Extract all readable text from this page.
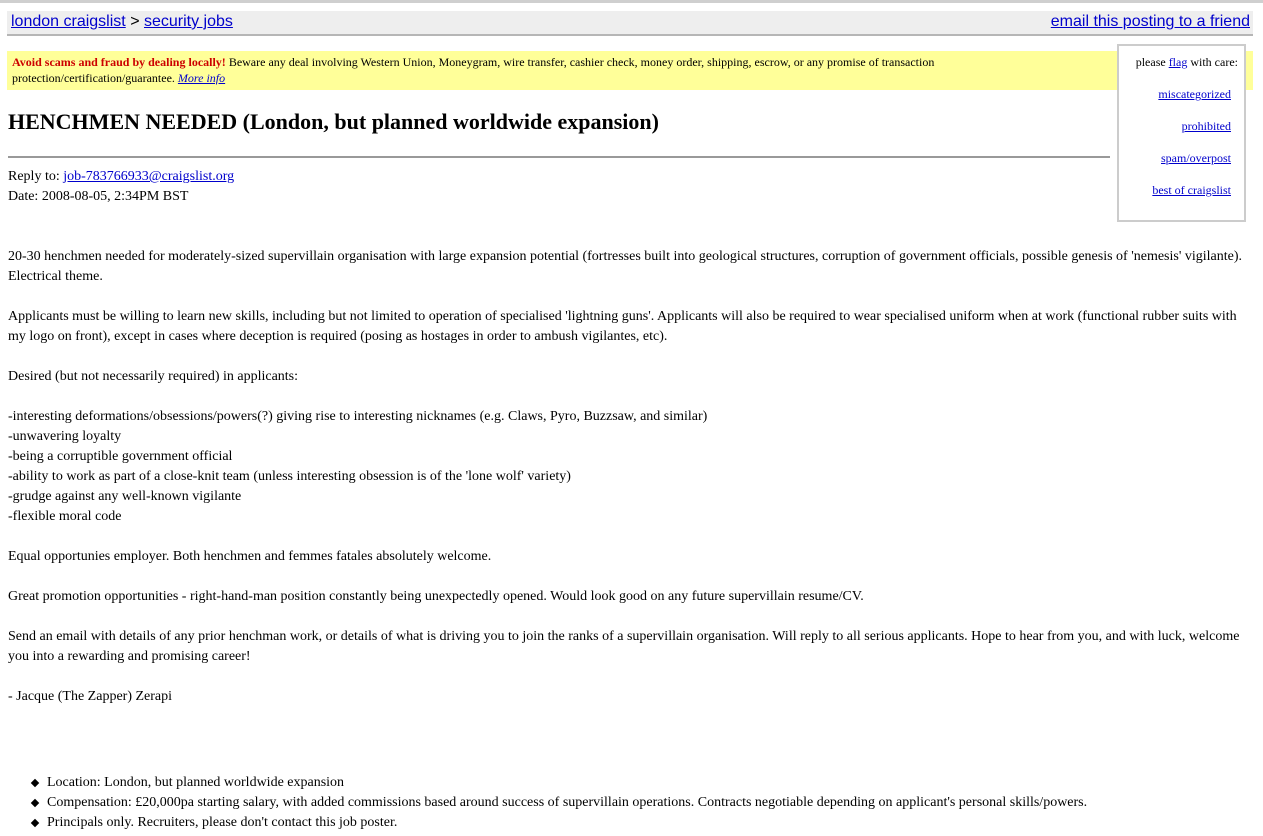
london craigslist > security jobs	email this posting to a friend
Avoid scams and fraud by dealing locally! Beware any deal involving Western Union, Moneygram, wire transfer, cashier check, money order, shipping, escrow, or any promise of transaction protection/certification/guarantee. More info
please flag with care:
miscategorized
prohibited
spam/overpost
best of craigslist
HENCHMEN NEEDED (London, but planned worldwide expansion)
Reply to: job-783766933@craigslist.org
Date: 2008-08-05, 2:34PM BST

20-30 henchmen needed for moderately-sized supervillain organisation with large expansion potential (fortresses built into geological structures, corruption of government officials, possible genesis of 'nemesis' vigilante). Electrical theme.

Applicants must be willing to learn new skills, including but not limited to operation of specialised 'lightning guns'. Applicants will also be required to wear specialised uniform when at work (functional rubber suits with my logo on front), except in cases where deception is required (posing as hostages in order to ambush vigilantes, etc).

Desired (but not necessarily required) in applicants:

-interesting deformations/obsessions/powers(?) giving rise to interesting nicknames (e.g. Claws, Pyro, Buzzsaw, and similar)
-unwavering loyalty
-being a corruptible government official
-ability to work as part of a close-knit team (unless interesting obsession is of the 'lone wolf' variety)
-grudge against any well-known vigilante
-flexible moral code

Equal opportunies employer. Both henchmen and femmes fatales absolutely welcome.

Great promotion opportunities - right-hand-man position constantly being unexpectedly opened. Would look good on any future supervillain resume/CV.

Send an email with details of any prior henchman work, or details of what is driving you to join the ranks of a supervillain organisation. Will reply to all serious applicants. Hope to hear from you, and with luck, welcome you into a rewarding and promising career!

- Jacque (The Zapper) Zerapi

Location: London, but planned worldwide expansion
Compensation: £20,000pa starting salary, with added commissions based around success of supervillain operations. Contracts negotiable depending on applicant's personal skills/powers.
Principals only. Recruiters, please don't contact this job poster.
